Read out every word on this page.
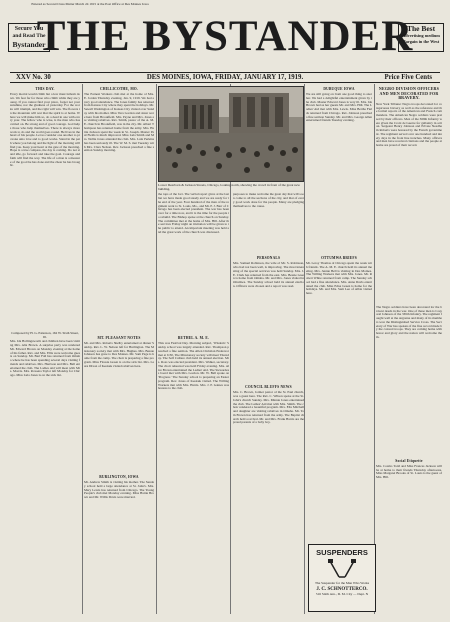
Entered as Second Class Matter March 24 1915 at the Post Office at Des Moines Iowa
Secure You
and Read The
Bystander
THE BYSTANDER
The Best
Advertising medium
Bargain in the West
XXV No. 30	DES MOINES, IOWA, FRIDAY, JANUARY 17, 1919.	Price Five Cents
THIS DAY.
Every mortal would climb but a few must fathom down. We fear far for those who climb while they are young. If you cannot find your place, forget not your sunshine, nor the gladness of yesterday. For the works will triumph, and the right will win. The flowers in the mountain will rest that the spirit is at home. Where we will make him so, do a deed in one with every year. The fellow who is wise, is the man who has carried on. Be strong and of good courage. God helps those who help themselves. There is always more work to do and the world goes round. He lives in the heart of his people. Let us consider one another to provoke unto love and to good works. Stand in the path where you belong and the light of the morning will find you. Keep your heart at the gate of the morning. Hope is a true compass, the day is coming. Do not stand idle, go forward and take the goal. Courage and faith will find the way. The life of a man is a measure of the good he has done and the cheer he has brought.
Composed by H. G. Patterson, 162 W. Sixth Street, Ill.
Mrs. Ida Hollingsworth and children have been visiting Mrs. Alta Brown. A surprise party was rendered Mr. Edward Brown on Monday evening at the home of his father. Rev. and Mrs. Ellis were welcome guests on Sunday. Mr. Bert Fall has returned from Omaha where he has been spending several days visiting friends and relatives. Mrs. Harrison and Mrs. Bell entertained the club. The Ladies Aid will meet with Mrs. Morris. Mrs. Rowena Taylor left Monday for Chicago. Miss Lula Jones is on the sick list.
CHILLICOTHE, MO.
The Earnest Workers club met at the home of Mrs. E. Jordan Thursday evening, Jan. 9, 1919. We had a very good attendance. The Jones family has returned from Kansas City where they spent the holidays. Mr. Sewell Washington of Kansas City visited over Sunday with his mother. Miss Vera Gordon and sister were here from Brookfield. Mrs. Payne and Mrs. Jones are visiting relatives. Rev. Smith, pastor of the A. M. E. church in Brookfield, was in the city. Mr. Albert Thompson has returned home from the army. Mrs. Hattie Jackson spent the week in St. Joseph. Master Paul Fields is much improved. Miss Lula Smith and Mrs. Nellie Jones attended the club. Mrs. Lula Perkins has been seriously ill. The W. M. S. met Tuesday with Mrs. Clara Nelson. Rev. Jackson preached a fine sermon Sunday morning.
MT. PLEASANT NOTES
Mr. and Mrs. Roberts Shelby entertained at dinner Sunday. Rev. L. W. Nelson left for Burlington. The Missionary society met with Mrs. Hughes. Mrs. Bessie Johnson has gone to Des Moines. Mr. Sam Page is home from the camp. The choir is preparing a fine program. Miss Flossie Green is on the sick list. Mrs. Laura Dixon of Keokuk visited relatives here.
BURLINGTON, IOWA
Mr. Andrew Smith is visiting his mother. The Sunday school held a large attendance at St. John's. Mrs. Mary Lewis has returned from Chicago. The Young People's club met Monday evening. Miss Hattie Brown and Mr. Willis Davis were married.
Lower Dearborn & Jackson Streets, Chicago, looking north, showing the crowd in front of the great new building.
the tops of the fort. The verbal report gives at the last but we have made good steady and we are ready for the end of the year. Four hundred of the men of the regiment went to St. Louis, Mo., and Mr. P. J. Barr of Chicago has been elected president. The war has been over for a time now, and it is the time for the people to rebuild. The Bishop spoke at the church on Sunday. The committee met at the home of Mrs. Hill. After the services Friday night an invitation will be given to the public to attend. An important meeting was held and the great work of the church was discussed.
BETHEL A. M. E.
This was Festival Day. Morning subject, 'Wisdom.' Sunday school was largely attended. Rev. Thompson preached a fine sermon. The Allen Christian Endeavor met at 6:30. The Missionary society will meet Thursday. The Self Culture club held its annual election. Mrs. Ross was elected president. Mrs. Walker, secretary. The choir rehearsal was held Friday evening. Mrs. Alice Brown entertained the Ladies' Aid. The Stewardess board met with Mrs. Gordon. Mr. W. Bell spoke on 'Progress.' The Sunday school is preparing an Easter program. Rev. Jones of Keokuk visited. The Willing Workers met with Mrs. Harris. Mrs. J. P. Gaines was hostess to the club.
purposes to make welcome the great day that will soon come to all the sections of the city, and that of every good work done for the people. Many are pledging themselves to the cause.
PERSONALS
Mrs. Samuel Robinson, the wife of Mr. S. Robinson, who had not been well, is improving. The most interesting of the special services was held Sunday. Mrs. J. E. Clark has returned from the east. Mrs. Bessie Green is home from Omaha. Mr. and Mrs. Jones visited in Ottumwa. The Sunday school held its annual election. Officers were chosen and a report was read.
COUNCIL BLUFFS NEWS
Mrs. C. Brown, former pastor of the St. Paul church, was a guest here. The Rev. C. Wilson spoke at the St. John's church Sunday. Mrs. Minnie Jones entertained the club. The Ladies' Aid met with Mrs. Smith. The choir rendered a beautiful program. Mrs. Ella Mitchell and daughter are visiting relatives in Omaha. Mr. Tom Brown has returned from the army. The Baptist church held a revival. Mr. and Mrs. Frank Harris are the proud parents of a baby boy.
DUBUQUE IOWA
We are still going on from one good thing to another. We had a delightful entertainment given by the club. Master Edward Jones is very ill. Mrs. Ida Brown had as her guests Mr. and Mrs. Hill. The Ladies' Aid met with Mrs. Lewis. Miss Bertha Fields returned from Chicago. Rev. Johnson preached a fine sermon Sunday. Mr. and Mrs. George Allen entertained friends Tuesday evening.
OTTUMWA BRIEFS
Mr. Leroy Thomas of Chicago spent the week with friends. The A. M. E. church held its annual meeting. Mrs. Jennie Bell is visiting in Des Moines. The Willing Workers met with Mrs. Jones. Mr. Robert White returned from camp. The Sunday school had a fine attendance. Mrs. Anna Davis entertained the club. Miss Edna Green is home for the holidays. Mr. and Mrs. Sam Lee of Albia visited here.
NEGRO DIVISION OFFICERS AND MEN DECORATED FOR BRAVERY.
New York Tribune: Negro troops decorated for conspicuous bravery as well as the reference and the formal reports of the American and French commanders. The American Negro soldiers were praised by their officers. Men of the 369th Infantry were given the Croix de Guerre for gallantry in action. Sergeant Henry Johnson and Private Needham Roberts were honored by the French government. The regiment served over one hundred and ninety days in the front line trenches. Many officers and men have received citations and the people at home are proud of their record.
The Negro soldiers have been decorated for the bravest deeds in the war. One of these men is Corporal Johnson of the 365th Infantry. The regiment fought well at the Argonne and many of its members won the Distinguished Service Cross. The Secretary of War has spoken of the fine record made by the colored troops. They are coming home with honor and glory and the nation will welcome them.
Social Etiquette
Mrs. Cosmo Todd and Miss Frances Jackson will be at home to their friends Thursday afternoons. Miss Margaret Brooks of St. Louis is the guest of Mrs. Hill.
SUSPENDERS
The Suspender for the Man Who Works
J. C. SCHNOTTERCO.
516 Sixth Ave., D. M. City — Dept. N
